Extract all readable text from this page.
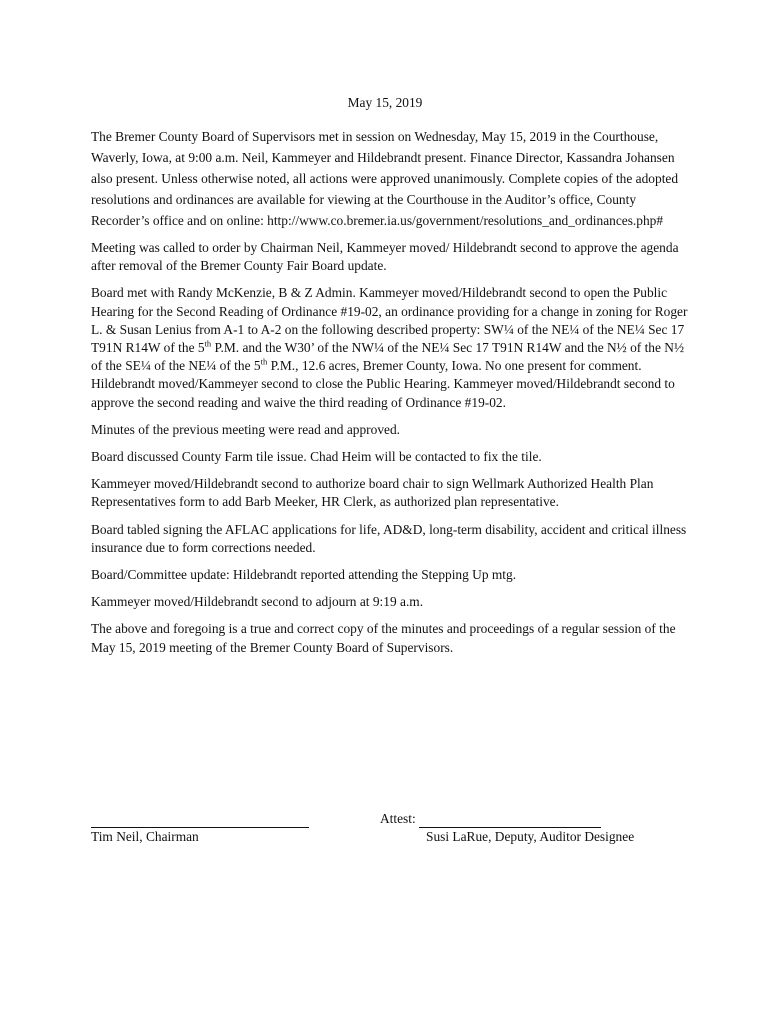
May 15, 2019

The Bremer County Board of Supervisors met in session on Wednesday, May 15, 2019 in the Courthouse, Waverly, Iowa, at 9:00 a.m. Neil, Kammeyer and Hildebrandt present. Finance Director, Kassandra Johansen also present. Unless otherwise noted, all actions were approved unanimously. Complete copies of the adopted resolutions and ordinances are available for viewing at the Courthouse in the Auditor’s office, County Recorder’s office and on online: http://www.co.bremer.ia.us/government/resolutions_and_ordinances.php#

Meeting was called to order by Chairman Neil, Kammeyer moved/ Hildebrandt second to approve the agenda after removal of the Bremer County Fair Board update.

Board met with Randy McKenzie, B & Z Admin. Kammeyer moved/Hildebrandt second to open the Public Hearing for the Second Reading of Ordinance #19-02, an ordinance providing for a change in zoning for Roger L. & Susan Lenius from A-1 to A-2 on the following described property: SW¼ of the NE¼ of the NE¼ Sec 17 T91N R14W of the 5th P.M. and the W30’ of the NW¼ of the NE¼ Sec 17 T91N R14W and the N½ of the N½ of the SE¼ of the NE¼ of the 5th P.M., 12.6 acres, Bremer County, Iowa. No one present for comment. Hildebrandt moved/Kammeyer second to close the Public Hearing. Kammeyer moved/Hildebrandt second to approve the second reading and waive the third reading of Ordinance #19-02.

Minutes of the previous meeting were read and approved.

Board discussed County Farm tile issue. Chad Heim will be contacted to fix the tile.

Kammeyer moved/Hildebrandt second to authorize board chair to sign Wellmark Authorized Health Plan Representatives form to add Barb Meeker, HR Clerk, as authorized plan representative.

Board tabled signing the AFLAC applications for life, AD&D, long-term disability, accident and critical illness insurance due to form corrections needed.

Board/Committee update: Hildebrandt reported attending the Stepping Up mtg.

Kammeyer moved/Hildebrandt second to adjourn at 9:19 a.m.

The above and foregoing is a true and correct copy of the minutes and proceedings of a regular session of the May 15, 2019 meeting of the Bremer County Board of Supervisors.

Tim Neil, Chairman
Attest:
Susi LaRue, Deputy, Auditor Designee
